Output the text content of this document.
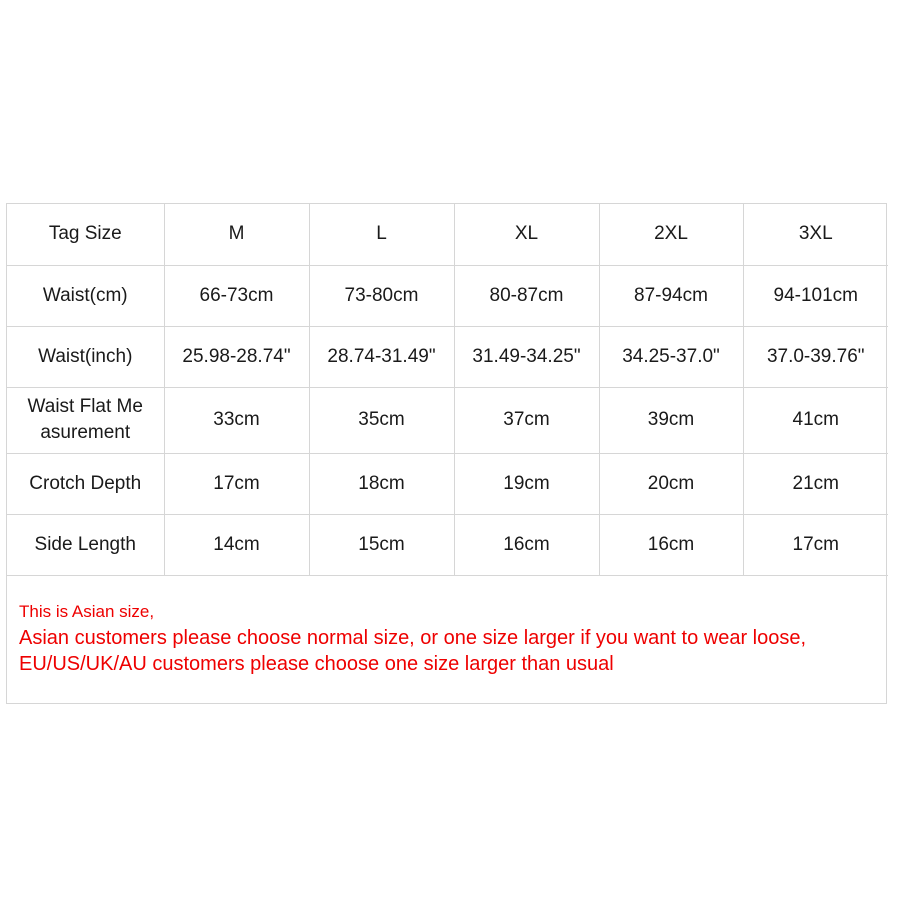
Tag Size	M	L	XL	2XL	3XL
Waist(cm)	66-73cm	73-80cm	80-87cm	87-94cm	94-101cm
Waist(inch)	25.98-28.74"	28.74-31.49"	31.49-34.25"	34.25-37.0"	37.0-39.76"
Waist Flat Me
asurement	33cm	35cm	37cm	39cm	41cm
Crotch Depth	17cm	18cm	19cm	20cm	21cm
Side Length	14cm	15cm	16cm	16cm	17cm
This is Asian size,
Asian customers please choose normal size, or one size larger if you want to wear loose,
EU/US/UK/AU customers please choose one size larger than usual
